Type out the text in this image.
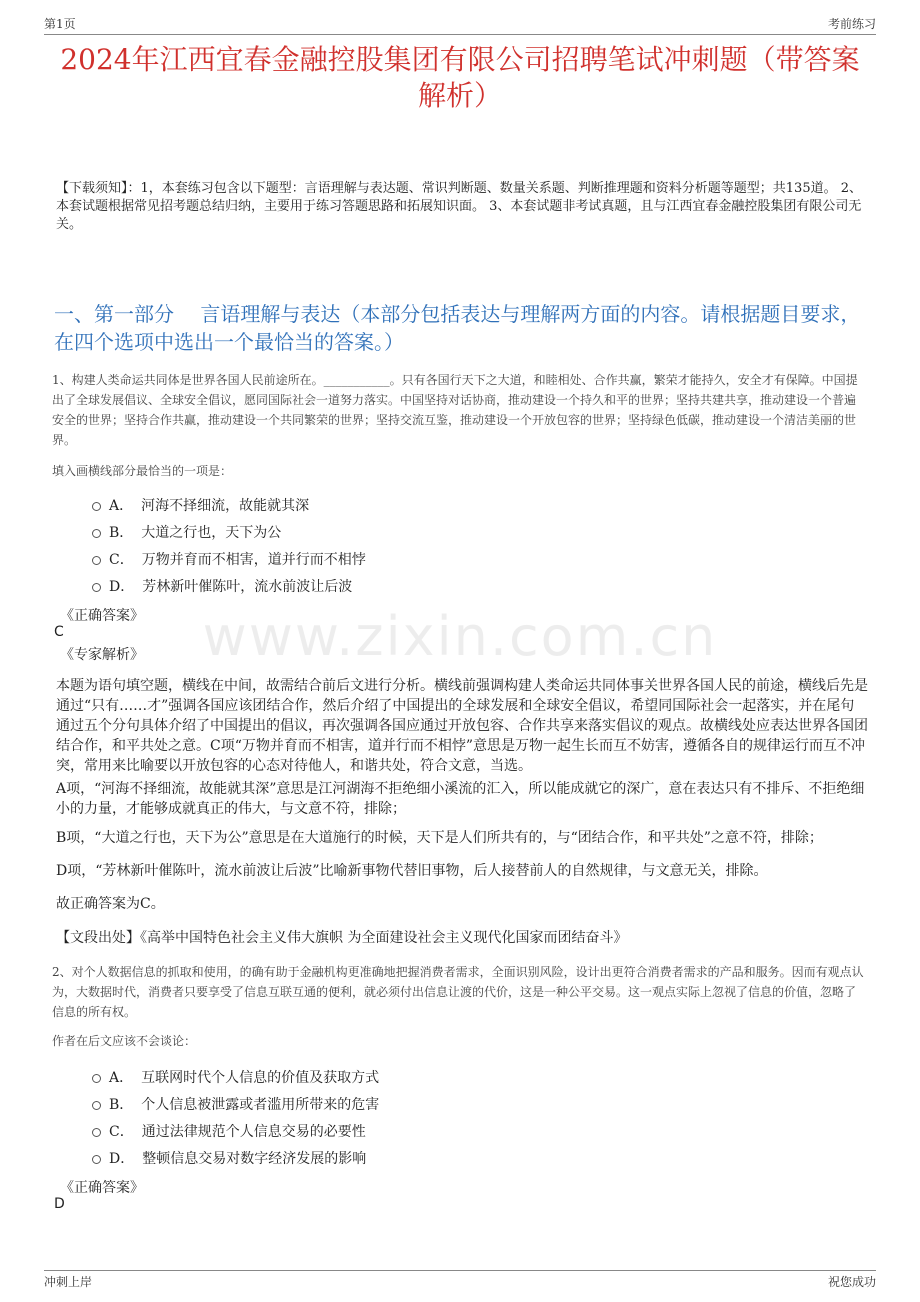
第1页	考前练习
2024年江西宜春金融控股集团有限公司招聘笔试冲刺题（带答案解析）

【下载须知】：1，本套练习包含以下题型：言语理解与表达题、常识判断题、数量关系题、判断推理题和资料分析题等题型；共135道。 2、本套试题根据常见招考题总结归纳，主要用于练习答题思路和拓展知识面。 3、本套试题非考试真题，且与江西宜春金融控股集团有限公司无关。

一、第一部分　 言语理解与表达（本部分包括表达与理解两方面的内容。请根据题目要求，在四个选项中选出一个最恰当的答案。）

1、构建人类命运共同体是世界各国人民前途所在。___________。只有各国行天下之大道，和睦相处、合作共赢，繁荣才能持久，安全才有保障。中国提出了全球发展倡议、全球安全倡议，愿同国际社会一道努力落实。中国坚持对话协商，推动建设一个持久和平的世界；坚持共建共享，推动建设一个普遍安全的世界；坚持合作共赢，推动建设一个共同繁荣的世界；坚持交流互鉴，推动建设一个开放包容的世界；坚持绿色低碳，推动建设一个清洁美丽的世界。

填入画横线部分最恰当的一项是：

A． 河海不择细流，故能就其深
B． 大道之行也，天下为公
C． 万物并育而不相害，道并行而不相悖
D． 芳林新叶催陈叶，流水前波让后波

《正确答案》

C

《专家解析》	www.zixin.com.cn

本题为语句填空题，横线在中间，故需结合前后文进行分析。横线前强调构建人类命运共同体事关世界各国人民的前途，横线后先是通过“只有……才”强调各国应该团结合作，然后介绍了中国提出的全球发展和全球安全倡议，希望同国际社会一起落实，并在尾句通过五个分句具体介绍了中国提出的倡议，再次强调各国应通过开放包容、合作共享来落实倡议的观点。故横线处应表达世界各国团结合作，和平共处之意。C项“万物并育而不相害，道并行而不相悖”意思是万物一起生长而互不妨害，遵循各自的规律运行而互不冲突，常用来比喻要以开放包容的心态对待他人，和谐共处，符合文意，当选。

A项，“河海不择细流，故能就其深”意思是江河湖海不拒绝细小溪流的汇入，所以能成就它的深广，意在表达只有不排斥、不拒绝细小的力量，才能够成就真正的伟大，与文意不符，排除；

B项，“大道之行也，天下为公”意思是在大道施行的时候，天下是人们所共有的，与“团结合作，和平共处”之意不符，排除；

D项，“芳林新叶催陈叶，流水前波让后波”比喻新事物代替旧事物，后人接替前人的自然规律，与文意无关，排除。

故正确答案为C。

【文段出处】《高举中国特色社会主义伟大旗帜 为全面建设社会主义现代化国家而团结奋斗》

2、对个人数据信息的抓取和使用，的确有助于金融机构更准确地把握消费者需求，全面识别风险，设计出更符合消费者需求的产品和服务。因而有观点认为，大数据时代，消费者只要享受了信息互联互通的便利，就必须付出信息让渡的代价，这是一种公平交易。这一观点实际上忽视了信息的价值，忽略了信息的所有权。

作者在后文应该不会谈论：

A． 互联网时代个人信息的价值及获取方式
B． 个人信息被泄露或者滥用所带来的危害
C． 通过法律规范个人信息交易的必要性
D． 整顿信息交易对数字经济发展的影响

《正确答案》

D

冲刺上岸	祝您成功
